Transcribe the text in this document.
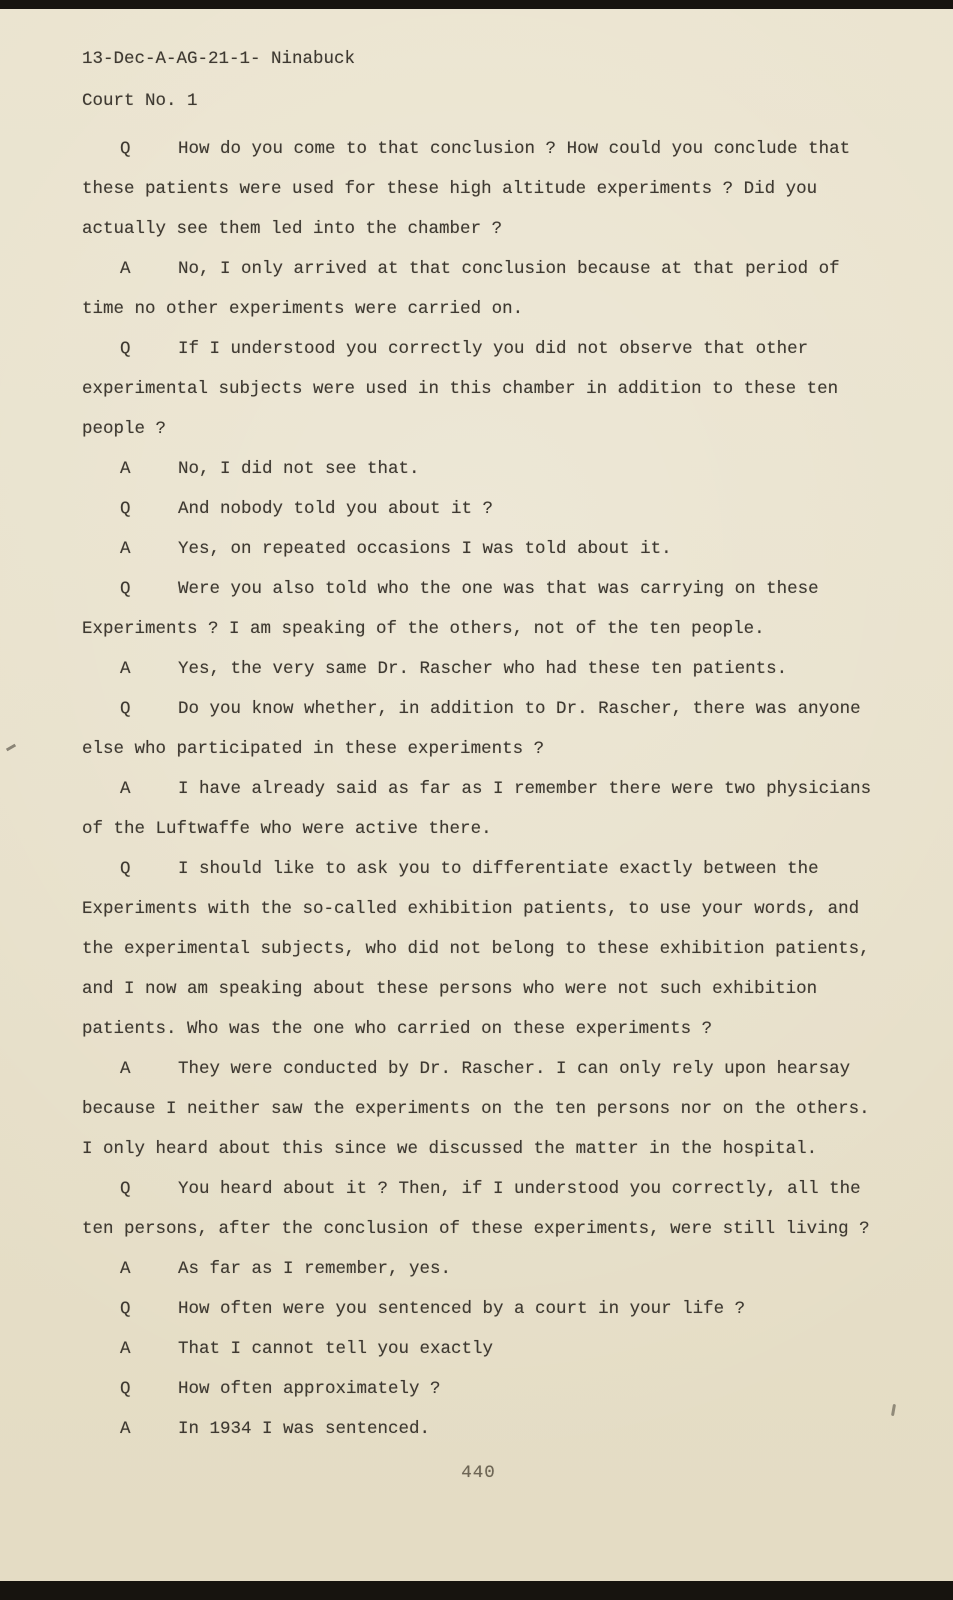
13-Dec-A-AG-21-1- Ninabuck
Court No. 1

Q	How do you come to that conclusion ? How could you conclude that these patients were used for these high altitude experiments ? Did you actually see them led into the chamber ?

A	No, I only arrived at that conclusion because at that period of time no other experiments were carried on.

Q	If I understood you correctly you did not observe that other experimental subjects were used in this chamber in addition to these ten people ?

A	No, I did not see that.

Q	And nobody told you about it ?

A	Yes, on repeated occasions I was told about it.

Q	Were you also told who the one was that was carrying on these Experiments ? I am speaking of the others, not of the ten people.

A	Yes, the very same Dr. Rascher who had these ten patients.

Q	Do you know whether, in addition to Dr. Rascher, there was anyone else who participated in these experiments ?

A	I have already said as far as I remember there were two physicians of the Luftwaffe who were active there.

Q	I should like to ask you to differentiate exactly between the Experiments with the so-called exhibition patients, to use your words, and the experimental subjects, who did not belong to these exhibition patients, and I now am speaking about these persons who were not such exhibition patients. Who was the one who carried on these experiments ?

A	They were conducted by Dr. Rascher. I can only rely upon hearsay because I neither saw the experiments on the ten persons nor on the others. I only heard about this since we discussed the matter in the hospital.

Q	You heard about it ? Then, if I understood you correctly, all the ten persons, after the conclusion of these experiments, were still living ?

A	As far as I remember, yes.

Q	How often were you sentenced by a court in your life ?

A	That I cannot tell you exactly

Q	How often approximately ?

A	In 1934 I was sentenced.

440
